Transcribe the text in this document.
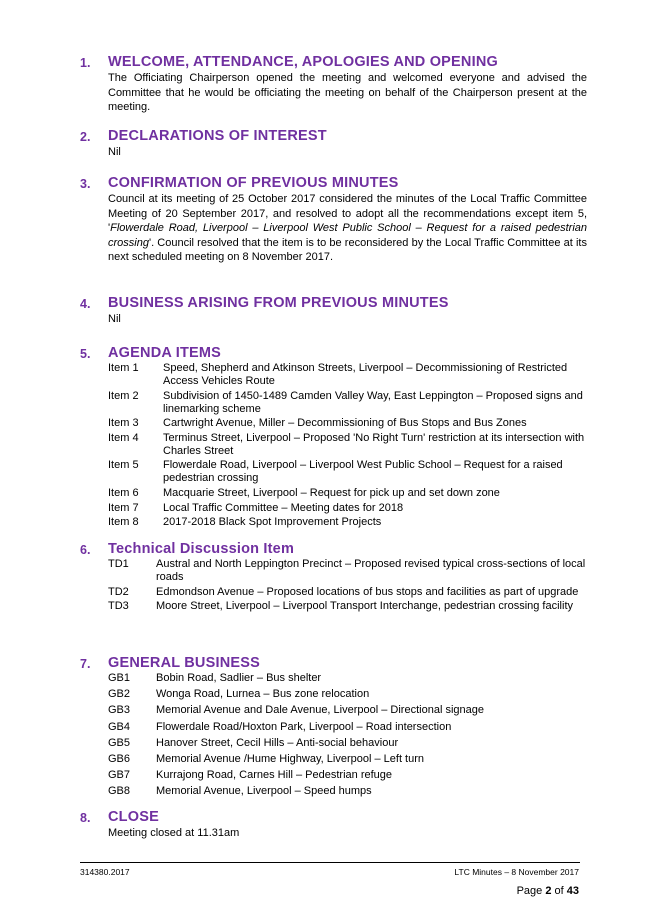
1. WELCOME, ATTENDANCE, APOLOGIES AND OPENING
The Officiating Chairperson opened the meeting and welcomed everyone and advised the Committee that he would be officiating the meeting on behalf of the Chairperson present at the meeting.
2. DECLARATIONS OF INTEREST
Nil
3. CONFIRMATION OF PREVIOUS MINUTES
Council at its meeting of 25 October 2017 considered the minutes of the Local Traffic Committee Meeting of 20 September 2017, and resolved to adopt all the recommendations except item 5, 'Flowerdale Road, Liverpool – Liverpool West Public School – Request for a raised pedestrian crossing'. Council resolved that the item is to be reconsidered by the Local Traffic Committee at its next scheduled meeting on 8 November 2017.
4. BUSINESS ARISING FROM PREVIOUS MINUTES
Nil
5. AGENDA ITEMS
Item 1 Speed, Shepherd and Atkinson Streets, Liverpool – Decommissioning of Restricted Access Vehicles Route
Item 2 Subdivision of 1450-1489 Camden Valley Way, East Leppington – Proposed signs and linemarking scheme
Item 3 Cartwright Avenue, Miller – Decommissioning of Bus Stops and Bus Zones
Item 4 Terminus Street, Liverpool – Proposed 'No Right Turn' restriction at its intersection with Charles Street
Item 5 Flowerdale Road, Liverpool – Liverpool West Public School – Request for a raised pedestrian crossing
Item 6 Macquarie Street, Liverpool – Request for pick up and set down zone
Item 7 Local Traffic Committee – Meeting dates for 2018
Item 8 2017-2018 Black Spot Improvement Projects
6. Technical Discussion Item
TD1 Austral and North Leppington Precinct – Proposed revised typical cross-sections of local roads
TD2 Edmondson Avenue – Proposed locations of bus stops and facilities as part of upgrade
TD3 Moore Street, Liverpool – Liverpool Transport Interchange, pedestrian crossing facility
7. GENERAL BUSINESS
GB1 Bobin Road, Sadlier – Bus shelter
GB2 Wonga Road, Lurnea – Bus zone relocation
GB3 Memorial Avenue and Dale Avenue, Liverpool – Directional signage
GB4 Flowerdale Road/Hoxton Park, Liverpool – Road intersection
GB5 Hanover Street, Cecil Hills – Anti-social behaviour
GB6 Memorial Avenue /Hume Highway, Liverpool – Left turn
GB7 Kurrajong Road, Carnes Hill – Pedestrian refuge
GB8 Memorial Avenue, Liverpool – Speed humps
8. CLOSE
Meeting closed at 11.31am
314380.2017	LTC Minutes – 8 November 2017
Page 2 of 43
